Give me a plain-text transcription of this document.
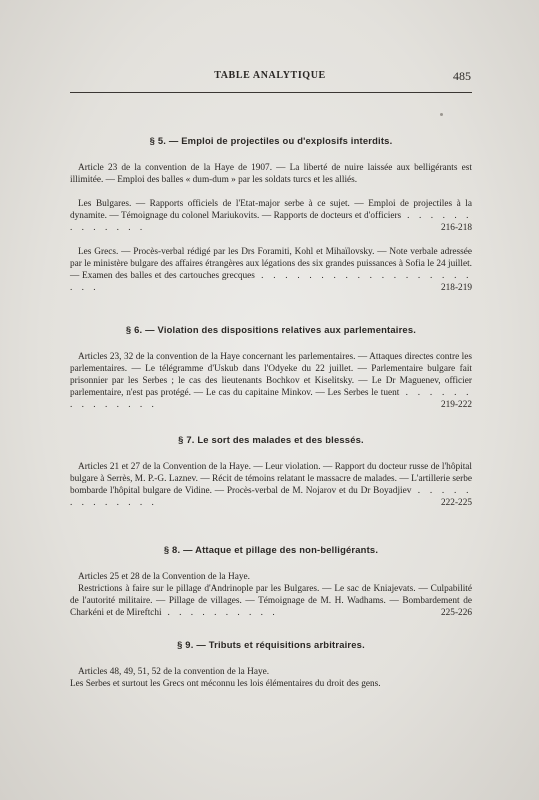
TABLE ANALYTIQUE	485
§ 5. — Emploi de projectiles ou d'explosifs interdits.

Article 23 de la convention de la Haye de 1907. — La liberté de nuire laissée aux belligérants est illimitée. — Emploi des balles « dum-dum » par les soldats turcs et les alliés.

Les Bulgares. — Rapports officiels de l'Etat-major serbe à ce sujet. — Emploi de projectiles à la dynamite. — Témoignage du colonel Mariukovits. — Rapports de docteurs et d'officiers . . . . . . . . . . . . .	216-218

Les Grecs. — Procès-verbal rédigé par les Drs Foramiti, Kohl et Mihaïlovsky. — Note verbale adressée par le ministère bulgare des affaires étrangères aux légations des six grandes puissances à Sofia le 24 juillet. — Examen des balles et des cartouches grecques . . . . . . . . . . . . . . . . . . . . .	218-219

§ 6. — Violation des dispositions relatives aux parlementaires.

Articles 23, 32 de la convention de la Haye concernant les parlementaires. — Attaques directes contre les parlementaires. — Le télégramme d'Uskub dans l'Odyeke du 22 juillet. — Parlementaire bulgare fait prisonnier par les Serbes ; le cas des lieutenants Bochkov et Kiselitsky. — Le Dr Maguenev, officier parlementaire, n'est pas protégé. — Le cas du capitaine Minkov. — Les Serbes le tuent . . . . . . . . . . . . . .	219-222

§ 7. Le sort des malades et des blessés.

Articles 21 et 27 de la Convention de la Haye. — Leur violation. — Rapport du docteur russe de l'hôpital bulgare à Serrès, M. P.-G. Laznev. — Récit de témoins relatant le massacre de malades. — L'artillerie serbe bombarde l'hôpital bulgare de Vidine. — Procès-verbal de M. Nojarov et du Dr Boyadjiev . . . . . . . . . . . . .	222-225

§ 8. — Attaque et pillage des non-belligérants.

Articles 25 et 28 de la Convention de la Haye.

Restrictions à faire sur le pillage d'Andrinople par les Bulgares. — Le sac de Kniajevats. — Culpabilité de l'autorité militaire. — Pillage de villages. — Témoignage de M. H. Wadhams. — Bombardement de Charkéni et de Mireftchi . . . . . . . . . .	225-226

§ 9. — Tributs et réquisitions arbitraires.

Articles 48, 49, 51, 52 de la convention de la Haye.

Les Serbes et surtout les Grecs ont méconnu les lois élémentaires du droit des gens.
